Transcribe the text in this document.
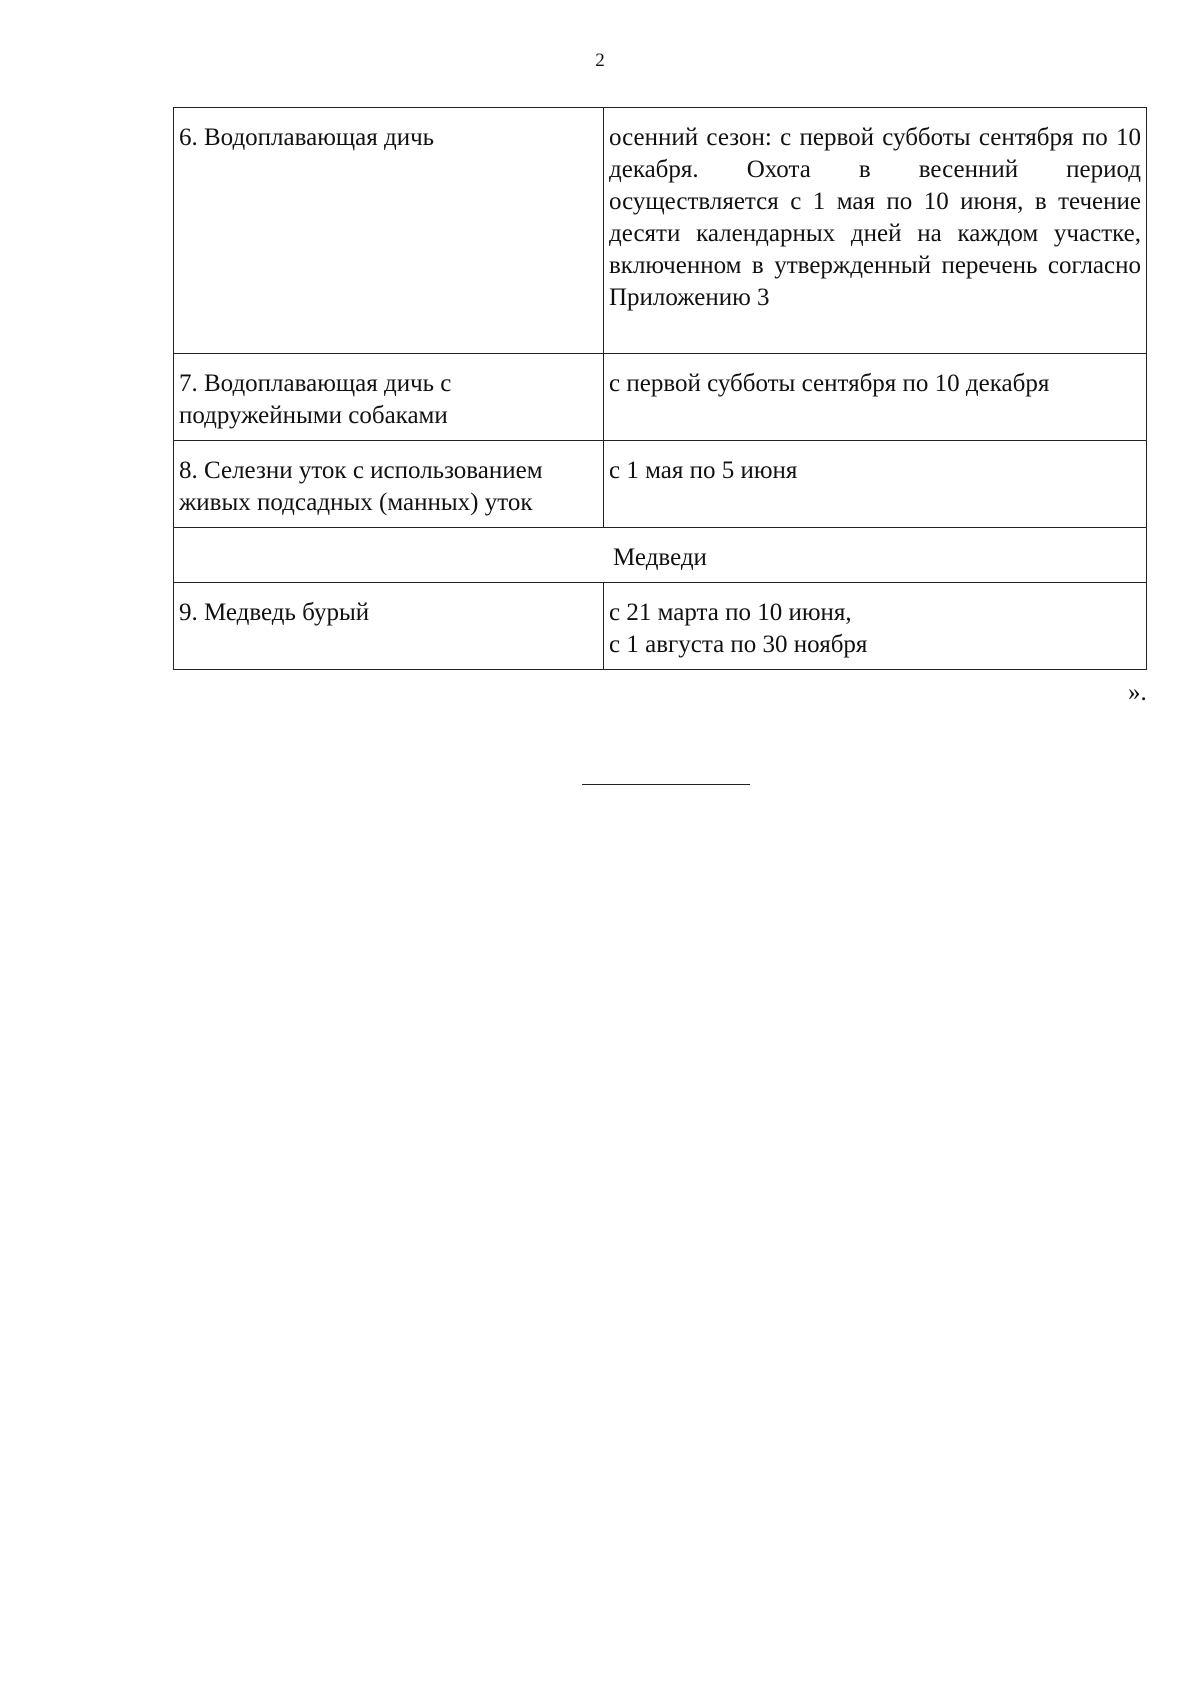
2
6. Водоплавающая дичь	осенний сезон: с первой субботы сентября по 10 декабря. Охота в весенний период осуществляется с 1 мая по 10 июня, в течение десяти календарных дней на каждом участке, включенном в утвержденный перечень согласно Приложению 3

7. Водоплавающая дичь с
подружейными собаками	с первой субботы сентября по 10 декабря

8. Селезни уток с использованием
живых подсадных (манных) уток	с 1 мая по 5 июня
Медведи	
9. Медведь бурый	с 21 марта по 10 июня,
с 1 августа по 30 ноября
».
